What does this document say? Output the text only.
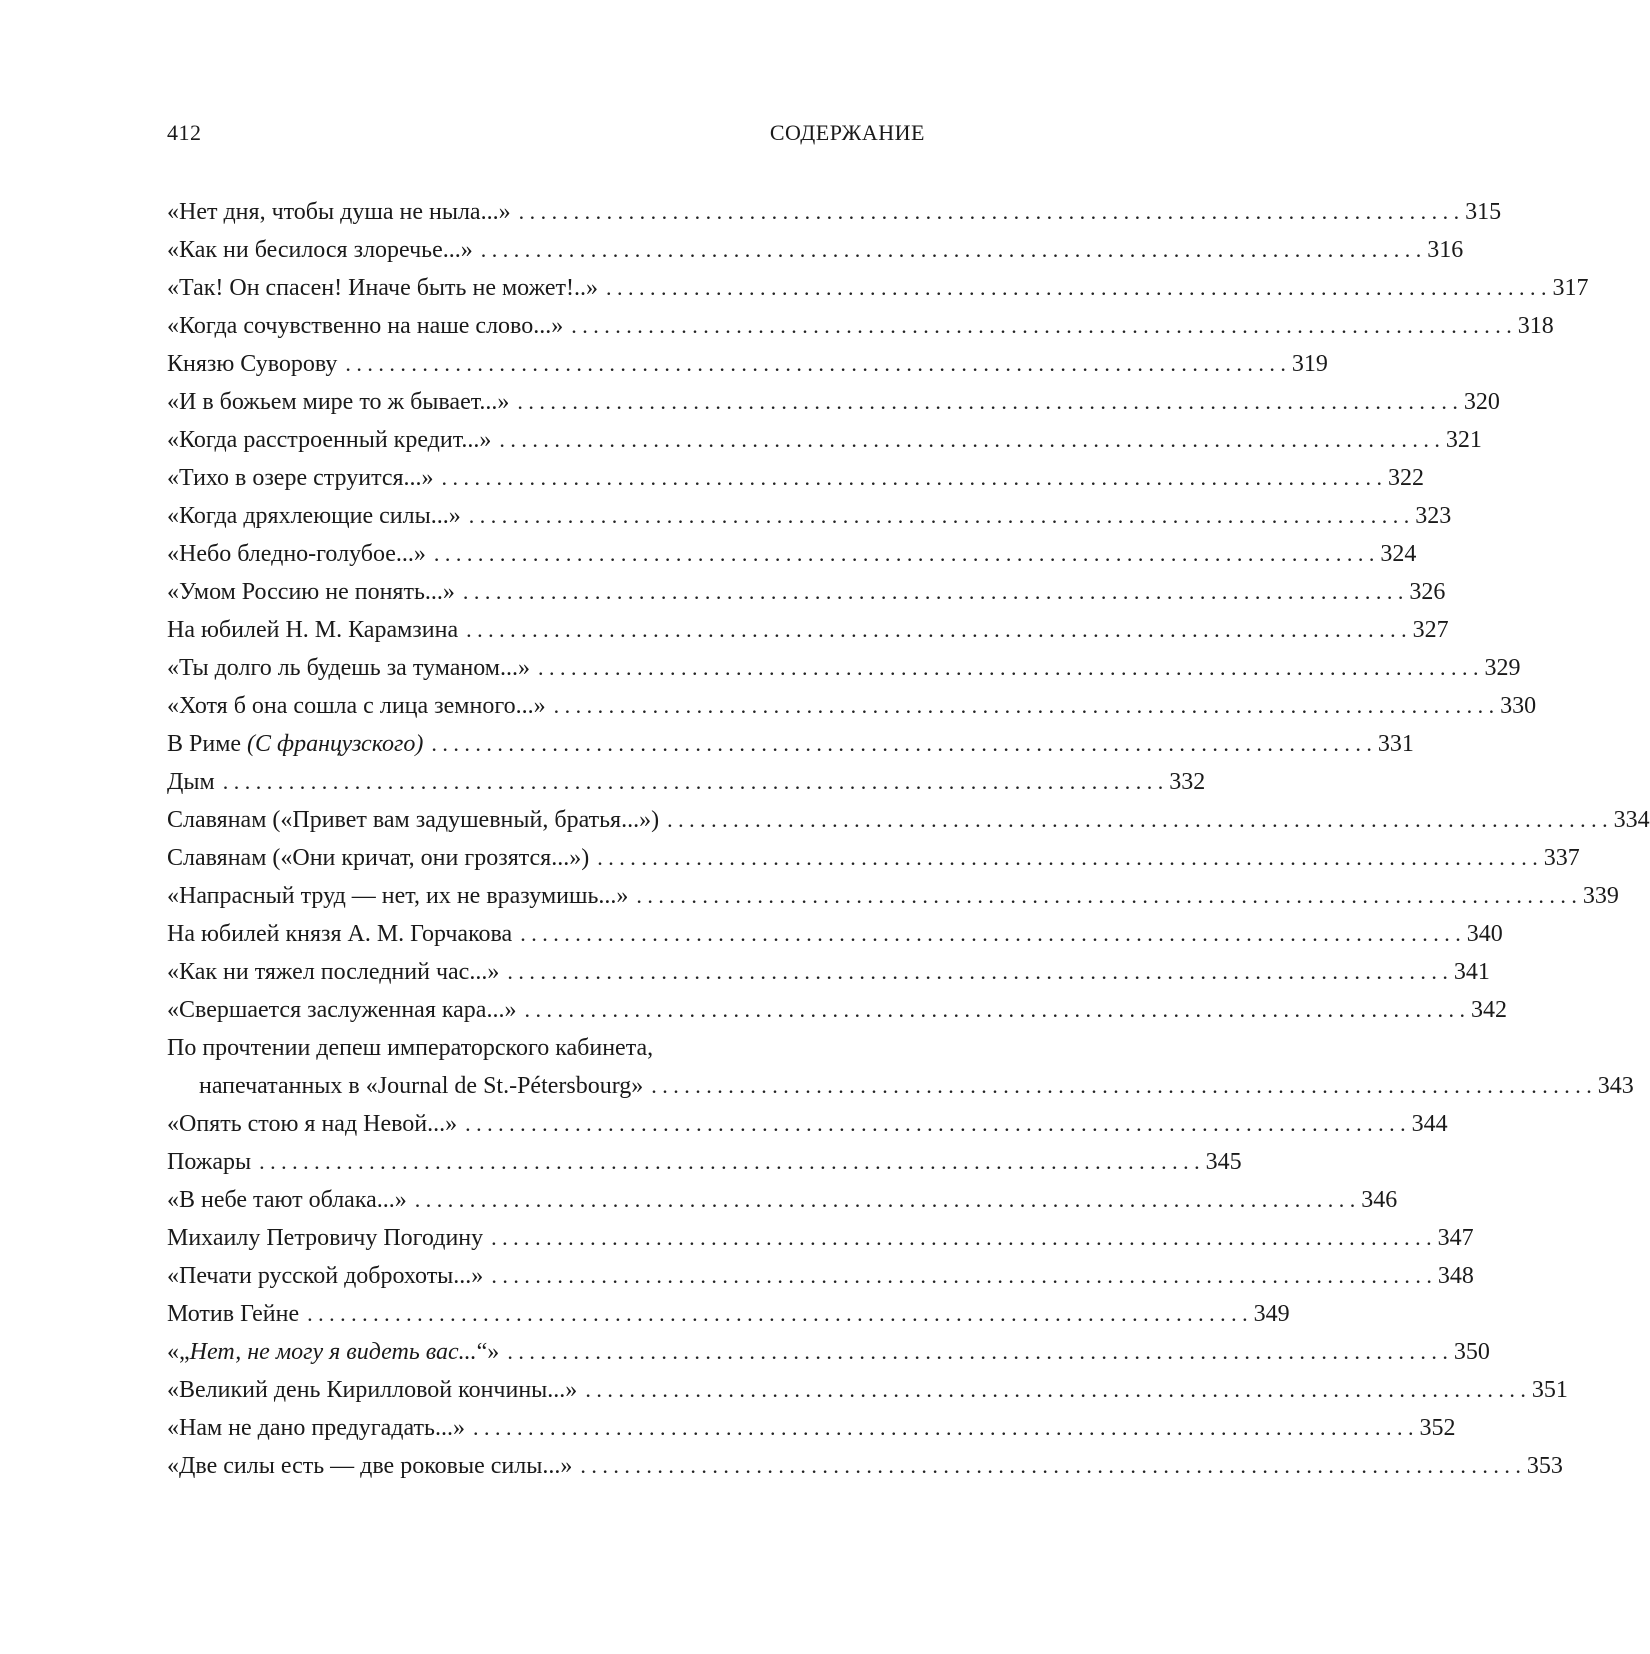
412	СОДЕРЖАНИЕ
«Нет дня, чтобы душа не ныла...» . . .	315
«Как ни бесилося злоречье...» . . .	316
«Так! Он спасен! Иначе быть не может!..» . . .	317
«Когда сочувственно на наше слово...» . . .	318
Князю Суворову . . .	319
«И в божьем мире то ж бывает...» . . .	320
«Когда расстроенный кредит...» . . .	321
«Тихо в озере струится...» . . .	322
«Когда дряхлеющие силы...» . . .	323
«Небо бледно-голубое...» . . .	324
«Умом Россию не понять...» . . .	326
На юбилей Н. М. Карамзина . . .	327
«Ты долго ль будешь за туманом...» . . .	329
«Хотя б она сошла с лица земного...» . . .	330
В Риме (С французского) . . .	331
Дым . . .	332
Славянам («Привет вам задушевный, братья...») . . .	334
Славянам («Они кричат, они грозятся...») . . .	337
«Напрасный труд — нет, их не вразумишь...» . . .	339
На юбилей князя А. М. Горчакова . . .	340
«Как ни тяжел последний час...» . . .	341
«Свершается заслуженная кара...» . . .	342
По прочтении депеш императорского кабинета,
напечатанных в «Journal de St.-Pétersbourg» . . .	343
«Опять стою я над Невой...» . . .	344
Пожары . . .	345
«В небе тают облака...» . . .	346
Михаилу Петровичу Погодину . . .	347
«Печати русской доброхоты...» . . .	348
Мотив Гейне . . .	349
«„Нет, не могу я видеть вас...“» . . .	350
«Великий день Кирилловой кончины...» . . .	351
«Нам не дано предугадать...» . . .	352
«Две силы есть — две роковые силы...» . . .	353
